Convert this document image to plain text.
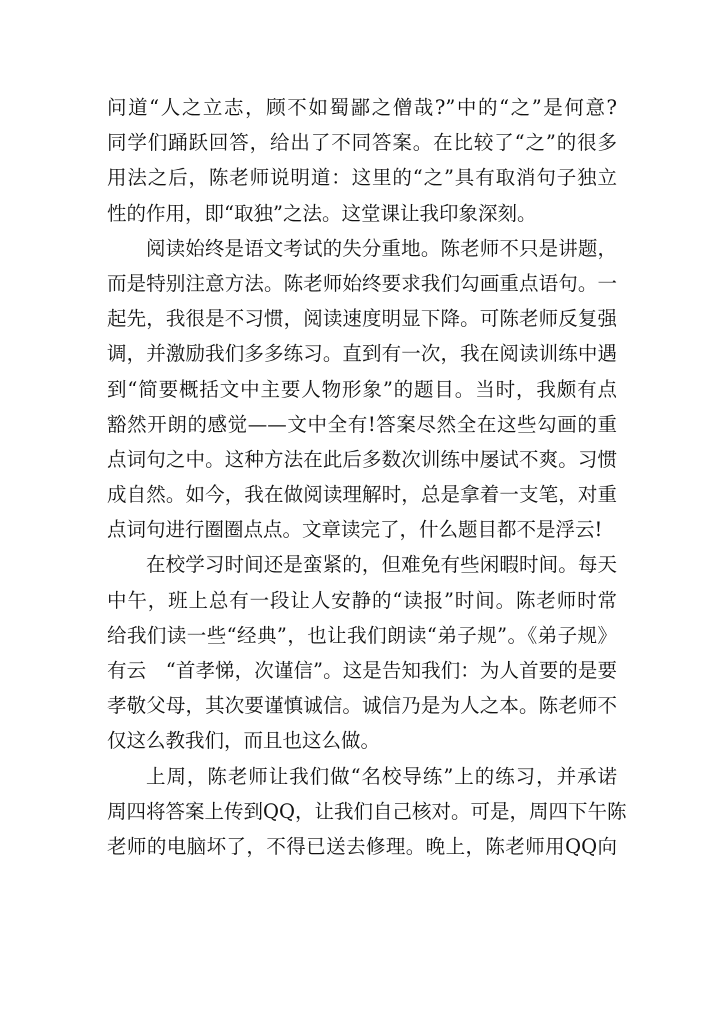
问道“人之立志，顾不如蜀鄙之僧哉?”中的“之”是何意?
同学们踊跃回答，给出了不同答案。在比较了“之”的很多
用法之后，陈老师说明道：这里的“之”具有取消句子独立
性的作用，即“取独”之法。这堂课让我印象深刻。
阅读始终是语文考试的失分重地。陈老师不只是讲题，
而是特别注意方法。陈老师始终要求我们勾画重点语句。一
起先，我很是不习惯，阅读速度明显下降。可陈老师反复强
调，并激励我们多多练习。直到有一次，我在阅读训练中遇
到“简要概括文中主要人物形象”的题目。当时，我颇有点
豁然开朗的感觉——文中全有!答案尽然全在这些勾画的重
点词句之中。这种方法在此后多数次训练中屡试不爽。习惯
成自然。如今，我在做阅读理解时，总是拿着一支笔，对重
点词句进行圈圈点点。文章读完了，什么题目都不是浮云!
在校学习时间还是蛮紧的，但难免有些闲暇时间。每天
中午，班上总有一段让人安静的“读报”时间。陈老师时常
给我们读一些“经典”，也让我们朗读“弟子规”。《弟子规》
有云　“首孝悌，次谨信”。这是告知我们：为人首要的是要
孝敬父母，其次要谨慎诚信。诚信乃是为人之本。陈老师不
仅这么教我们，而且也这么做。
上周，陈老师让我们做“名校导练”上的练习，并承诺
周四将答案上传到QQ，让我们自己核对。可是，周四下午陈
老师的电脑坏了，不得已送去修理。晚上，陈老师用QQ向
